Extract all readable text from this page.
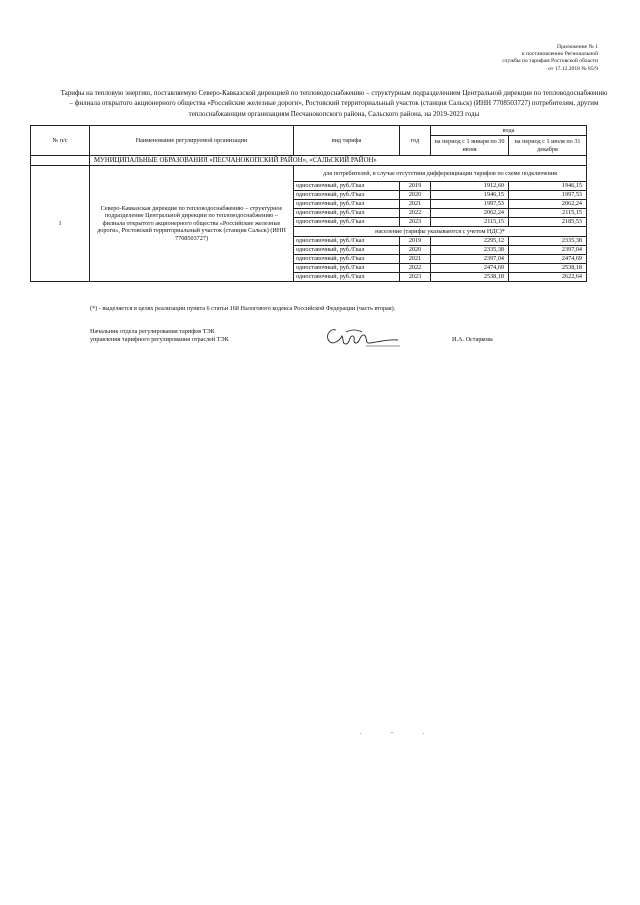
Приложение № 1
к постановлению Региональной
службы по тарифам Ростовской области
от 17.12.2018 № 85/9
Тарифы на тепловую энергию, поставляемую Северо-Кавказской дирекцией по тепловодоснабжению – структурным подразделением Центральной дирекции по тепловодоснабжению – филиала открытого акционерного общества «Российские железные дороги», Ростовский территориальный участок (станция Сальск) (ИНН 7708503727) потребителям, другим теплоснабжающим организациям Песчанокопского района, Сальского района, на 2019-2023 годы
№ п/с	Наименование регулируемой организации	вид тарифа	год	вода	
				на период с 1 января по 30 июня	на период с 1 июля по 31 декабря
	МУНИЦИПАЛЬНЫЕ ОБРАЗОВАНИЯ «ПЕСЧАНОКОПСКИЙ РАЙОН», «САЛЬСКИЙ РАЙОН»				
1	Северо-Кавказская дирекция по тепловодоснабжению – структурное подразделение Центральной дирекции по тепловодоснабжению – филиала открытого акционерного общества «Российские железные дороги», Ростовский территориальный участок (станция Сальск) (ИНН 7708503727)	для потребителей, в случае отсутствия дифференциации тарифов по схеме подключения			
		одноставочный, руб./Гкал	2019	1912,60	1946,15
		одноставочный, руб./Гкал	2020	1946,15	1997,53
		одноставочный, руб./Гкал	2021	1997,53	2062,24
		одноставочный, руб./Гкал	2022	2062,24	2115,15
		одноставочный, руб./Гкал	2023	2115,15	2185,53
		население (тарифы указываются с учетом НДС)*			
		одноставочный, руб./Гкал	2019	2295,12	2335,38
		одноставочный, руб./Гкал	2020	2335,38	2397,04
		одноставочный, руб./Гкал	2021	2397,04	2474,69
		одноставочный, руб./Гкал	2022	2474,69	2538,18
		одноставочный, руб./Гкал	2023	2538,18	2622,64
(*) - выделяется в целях реализации пункта 6 статьи 168 Налогового кодекса Российской Федерации (часть вторая).
Начальник отдела регулирования тарифов ТЭК
управления тарифного регулирования отраслей ТЭК	И.А. Остаркова
. - .
